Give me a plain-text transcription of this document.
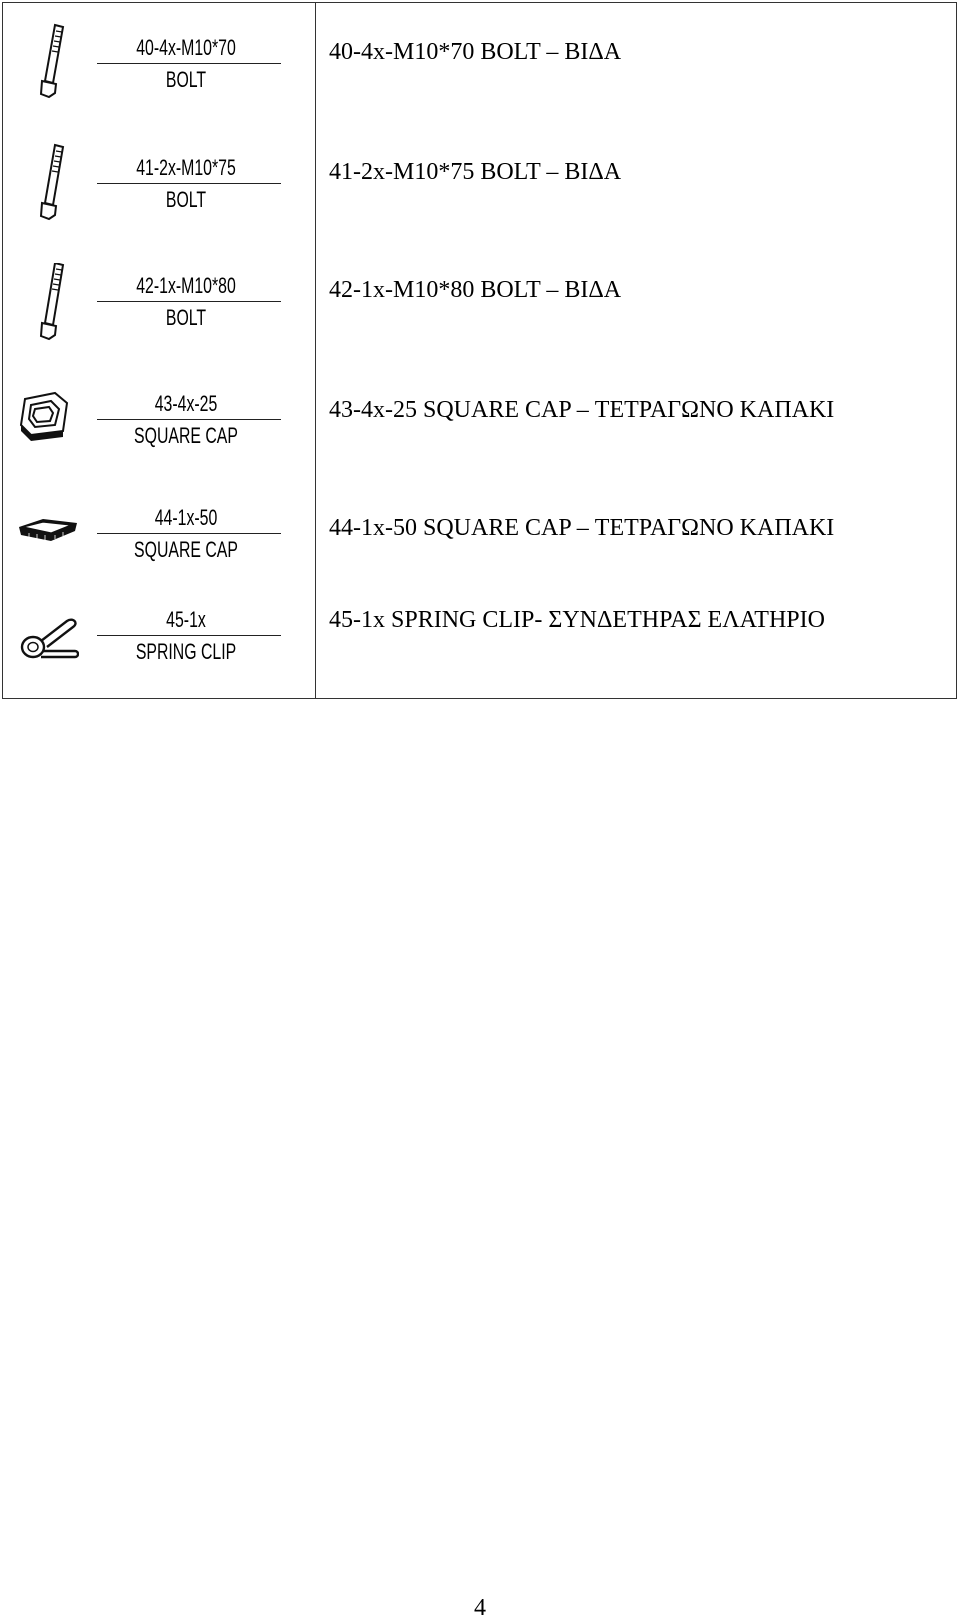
40-4x-M10*70
BOLT
40-4x-M10*70 BOLT – ΒΙΔΑ
41-2x-M10*75
BOLT
41-2x-M10*75 BOLT – ΒΙΔΑ
42-1x-M10*80
BOLT
42-1x-M10*80 BOLT – ΒΙΔΑ
43-4x-25
SQUARE CAP
43-4x-25 SQUARE CAP – ΤΕΤΡΑΓΩΝΟ ΚΑΠΑΚΙ
44-1x-50
SQUARE CAP
44-1x-50 SQUARE CAP – ΤΕΤΡΑΓΩΝΟ ΚΑΠΑΚΙ
45-1x
SPRING CLIP
45-1x SPRING CLIP- ΣΥΝΔΕΤΗΡΑΣ ΕΛΑΤΗΡΙΟ
4
